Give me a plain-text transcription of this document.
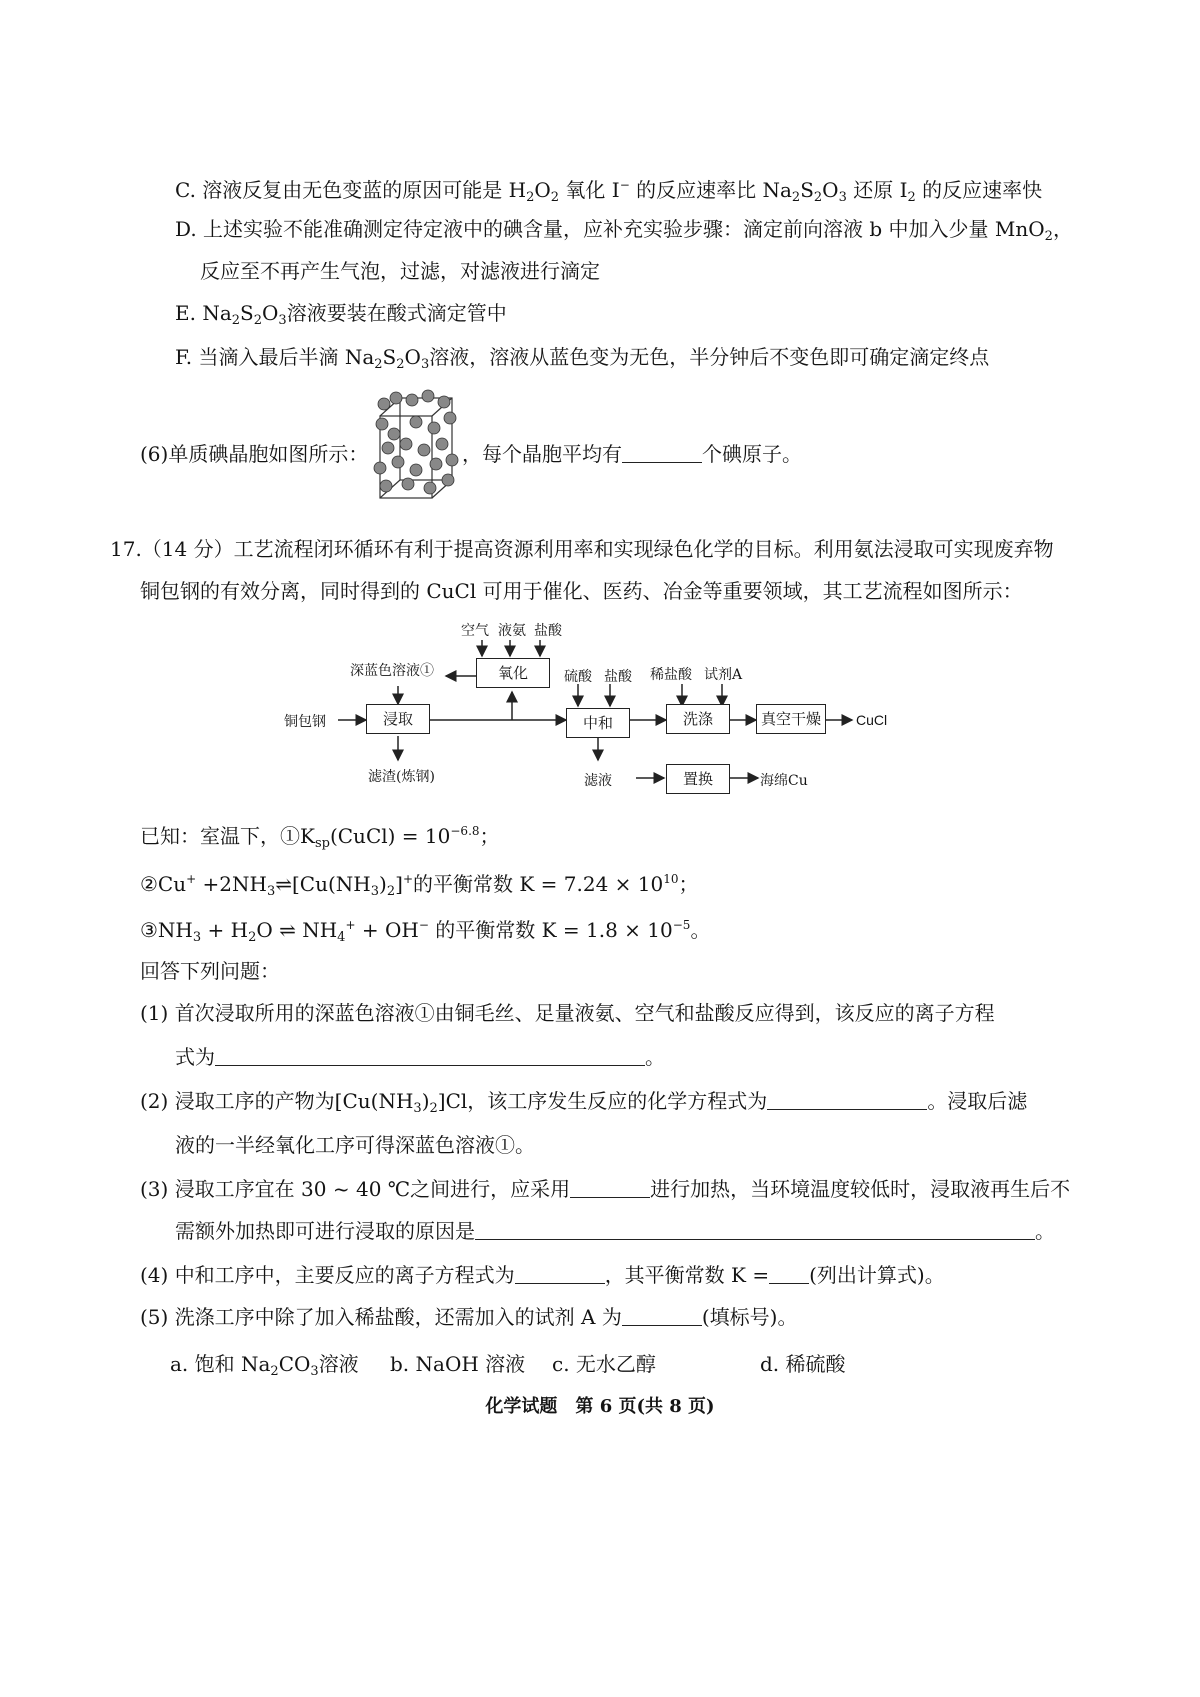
C. 溶液反复由无色变蓝的原因可能是 $H_2O_2$ 氧化 I− 的反应速率比 $Na_2S_2O_3$ 还原 $I_2$ 的反应速率快
D. 上述实验不能准确测定待定液中的碘含量，应补充实验步骤：滴定前向溶液 b 中加入少量 MnO$_2$，
反应至不再产生气泡，过滤，对滤液进行滴定
E. $Na_2S_2O_3$溶液要装在酸式滴定管中
F. 当滴入最后半滴 $Na_2S_2O_3$溶液，溶液从蓝色变为无色，半分钟后不变色即可确定滴定终点
(6)单质碘晶胞如图所示：	，每个晶胞平均有	个碘原子。
17.（14 分）工艺流程闭环循环有利于提高资源利用率和实现绿色化学的目标。利用氨法浸取可实现废弃物
铜包钢的有效分离，同时得到的 CuCl 可用于催化、医药、冶金等重要领域，其工艺流程如图所示：
空气 液氨 盐酸
氧化
深蓝色溶液①
铜包钢	浸取
滤渣(炼钢)
硫酸 盐酸
中和
稀盐酸 试剂A
洗涤	真空干燥	CuCl
滤液	置换	海绵Cu
已知：室温下，$①K_{sp}(CuCl) = 10^{-6.8}$；
②Cu+ $+2NH_3\rightleftharpoons[Cu(NH_3)_2]^+$的平衡常数 $K = 7.24 \times 10^{10}$；
$③NH_3 + H_2O$ ⇌ $NH_4^+ + OH^-$ 的平衡常数 $K = 1.8 \times 10^{-5}$。
回答下列问题：
(1) 首次浸取所用的深蓝色溶液①由铜毛丝、足量液氨、空气和盐酸反应得到，该反应的离子方程
式为	。
(2) 浸取工序的产物为$[Cu(NH_3)_2]Cl$，该工序发生反应的化学方程式为	。浸取后滤
液的一半经氧化工序可得深蓝色溶液①。
(3) 浸取工序宜在 30 ~ 40 ℃之间进行，应采用	进行加热，当环境温度较低时，浸取液再生后不
需额外加热即可进行浸取的原因是	。
(4) 中和工序中，主要反应的离子方程式为	，其平衡常数 K = (列出计算式)。
(5) 洗涤工序中除了加入稀盐酸，还需加入的试剂 A 为	(填标号)。
a. 饱和 $Na_2CO_3$溶液 b. NaOH 溶液 c. 无水乙醇	d. 稀硫酸
化学试题　第 6 页(共 8 页)
